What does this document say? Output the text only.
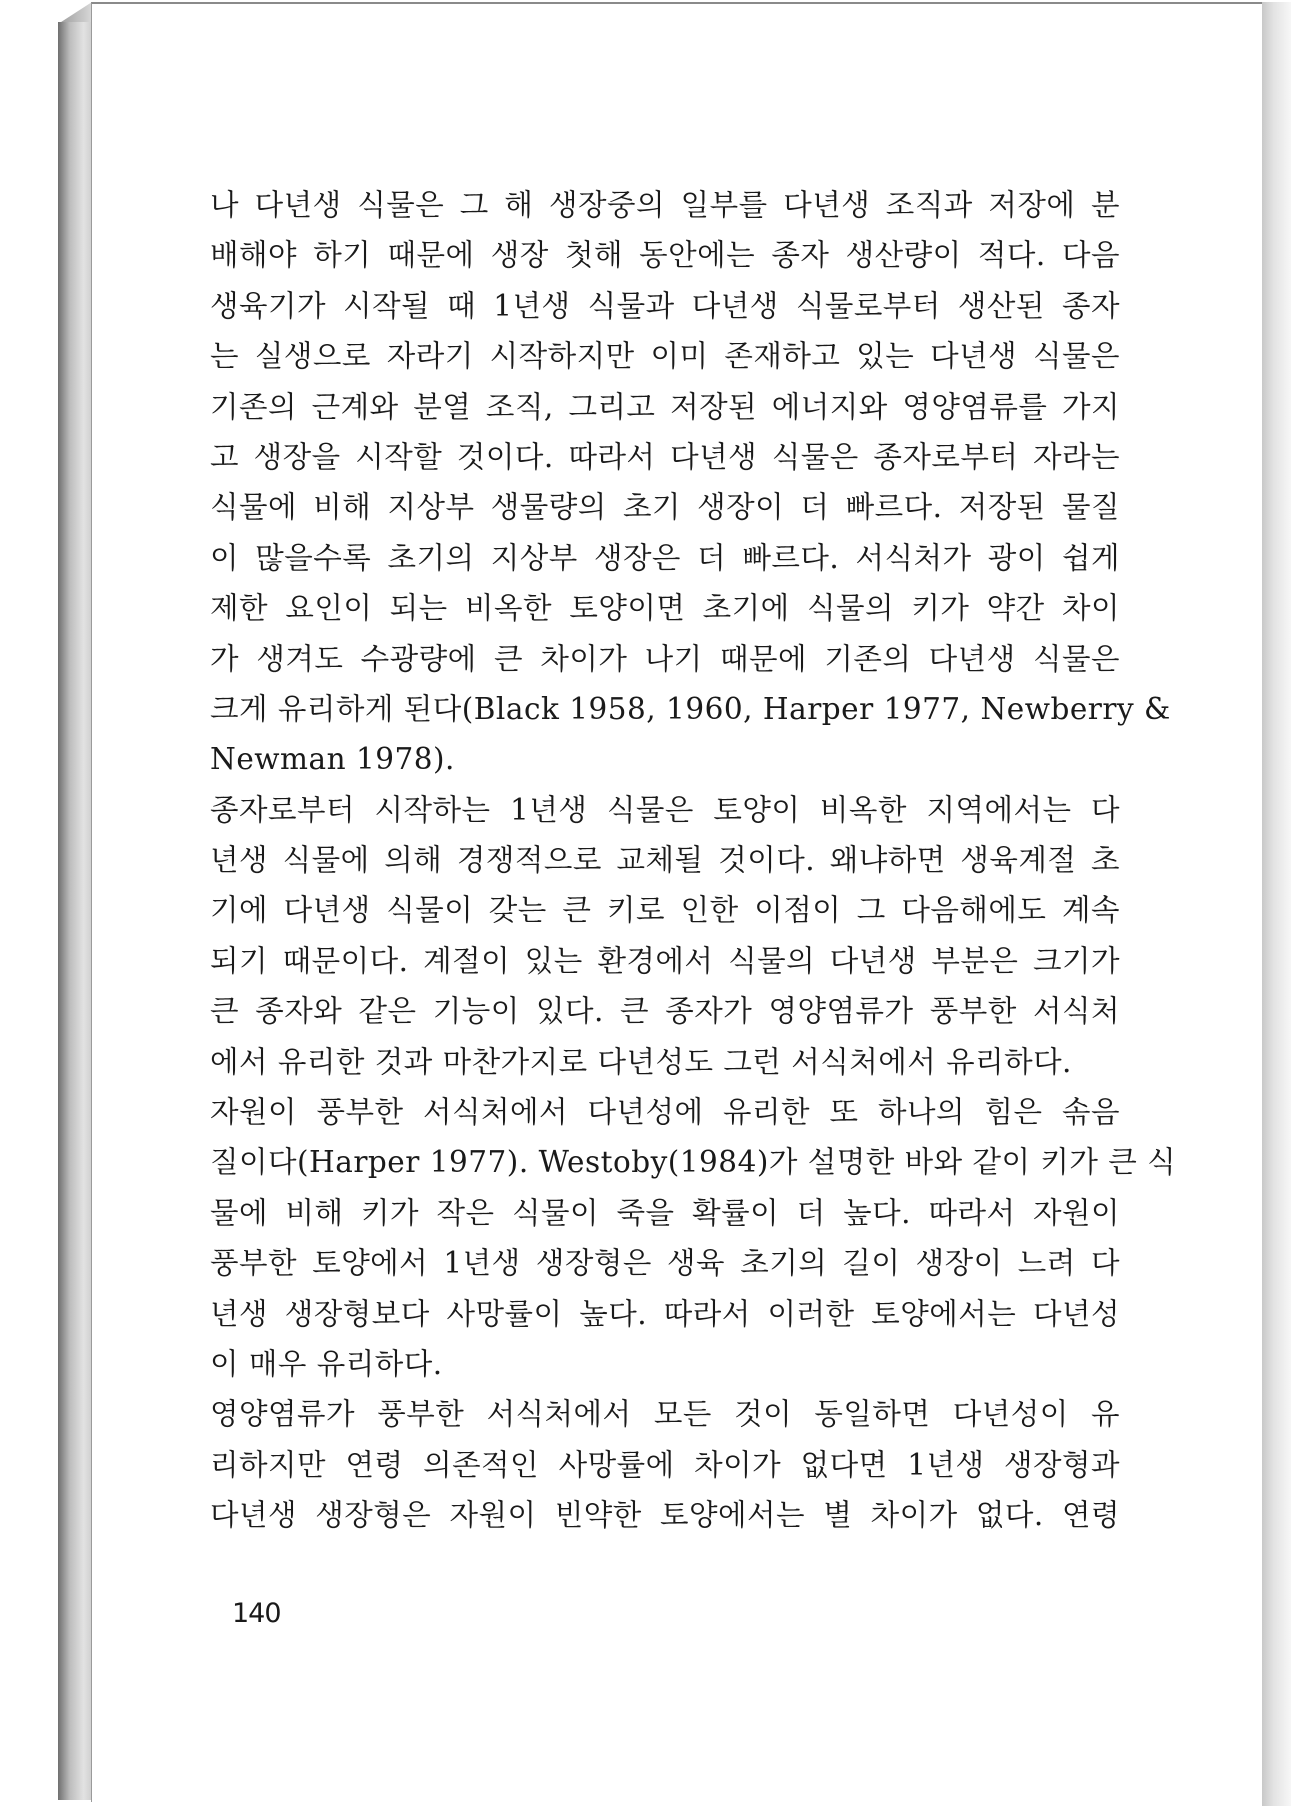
나 다년생 식물은 그 해 생장중의 일부를 다년생 조직과 저장에 분
배해야 하기 때문에 생장 첫해 동안에는 종자 생산량이 적다. 다음
생육기가 시작될 때 1년생 식물과 다년생 식물로부터 생산된 종자
는 실생으로 자라기 시작하지만 이미 존재하고 있는 다년생 식물은
기존의 근계와 분열 조직, 그리고 저장된 에너지와 영양염류를 가지
고 생장을 시작할 것이다. 따라서 다년생 식물은 종자로부터 자라는
식물에 비해 지상부 생물량의 초기 생장이 더 빠르다. 저장된 물질
이 많을수록 초기의 지상부 생장은 더 빠르다. 서식처가 광이 쉽게
제한 요인이 되는 비옥한 토양이면 초기에 식물의 키가 약간 차이
가 생겨도 수광량에 큰 차이가 나기 때문에 기존의 다년생 식물은
크게 유리하게 된다(Black 1958, 1960, Harper 1977, Newberry &
Newman 1978).
종자로부터 시작하는 1년생 식물은 토양이 비옥한 지역에서는 다
년생 식물에 의해 경쟁적으로 교체될 것이다. 왜냐하면 생육계절 초
기에 다년생 식물이 갖는 큰 키로 인한 이점이 그 다음해에도 계속
되기 때문이다. 계절이 있는 환경에서 식물의 다년생 부분은 크기가
큰 종자와 같은 기능이 있다. 큰 종자가 영양염류가 풍부한 서식처
에서 유리한 것과 마찬가지로 다년성도 그런 서식처에서 유리하다.
자원이 풍부한 서식처에서 다년성에 유리한 또 하나의 힘은 솎음
질이다(Harper 1977). Westoby(1984)가 설명한 바와 같이 키가 큰 식
물에 비해 키가 작은 식물이 죽을 확률이 더 높다. 따라서 자원이
풍부한 토양에서 1년생 생장형은 생육 초기의 길이 생장이 느려 다
년생 생장형보다 사망률이 높다. 따라서 이러한 토양에서는 다년성
이 매우 유리하다.
영양염류가 풍부한 서식처에서 모든 것이 동일하면 다년성이 유
리하지만 연령 의존적인 사망률에 차이가 없다면 1년생 생장형과
다년생 생장형은 자원이 빈약한 토양에서는 별 차이가 없다. 연령
140
